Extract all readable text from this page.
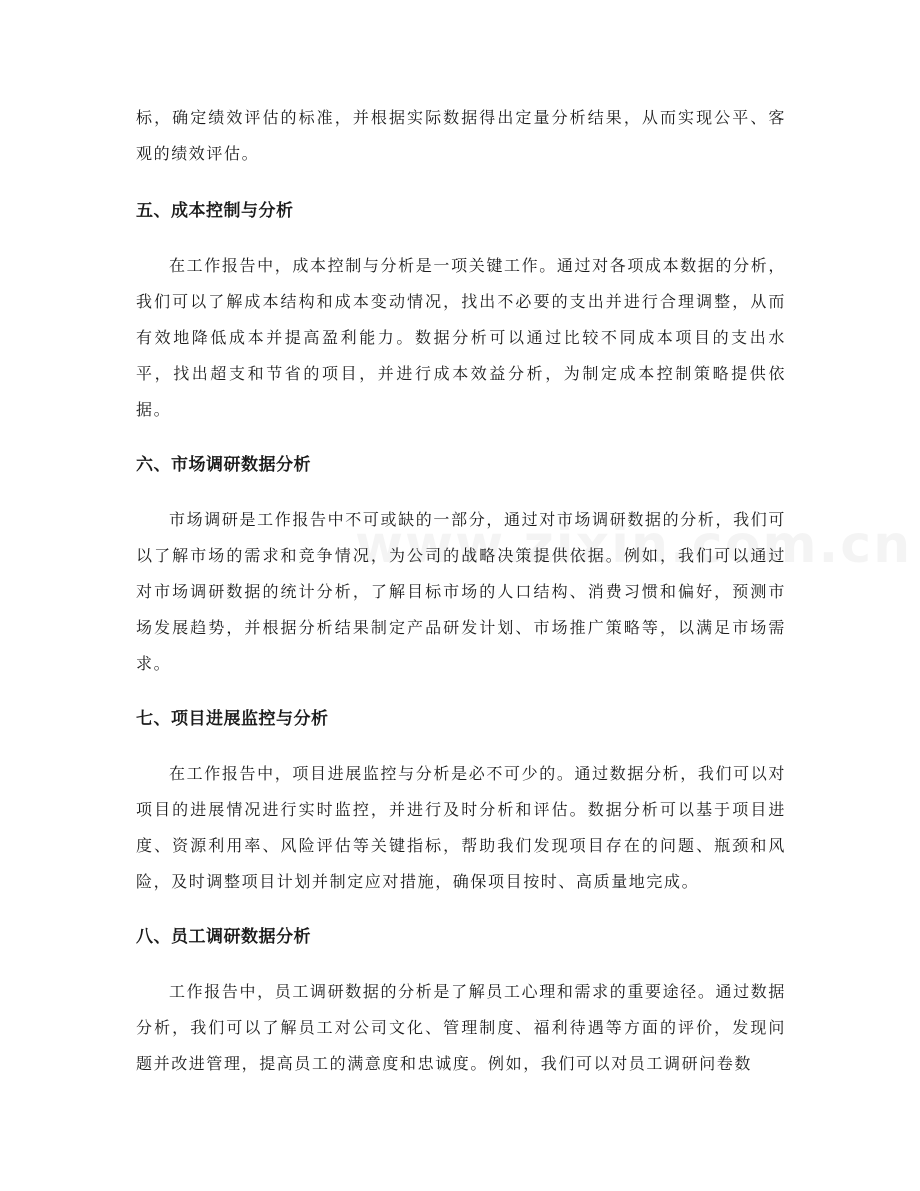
标，确定绩效评估的标准，并根据实际数据得出定量分析结果，从而实现公平、客观的绩效评估。

五、成本控制与分析

在工作报告中，成本控制与分析是一项关键工作。通过对各项成本数据的分析，我们可以了解成本结构和成本变动情况，找出不必要的支出并进行合理调整，从而有效地降低成本并提高盈利能力。数据分析可以通过比较不同成本项目的支出水平，找出超支和节省的项目，并进行成本效益分析，为制定成本控制策略提供依据。

六、市场调研数据分析

市场调研是工作报告中不可或缺的一部分，通过对市场调研数据的分析，我们可以了解市场的需求和竞争情况，为公司的战略决策提供依据。例如，我们可以通过对市场调研数据的统计分析，了解目标市场的人口结构、消费习惯和偏好，预测市场发展趋势，并根据分析结果制定产品研发计划、市场推广策略等，以满足市场需求。

七、项目进展监控与分析

在工作报告中，项目进展监控与分析是必不可少的。通过数据分析，我们可以对项目的进展情况进行实时监控，并进行及时分析和评估。数据分析可以基于项目进度、资源利用率、风险评估等关键指标，帮助我们发现项目存在的问题、瓶颈和风险，及时调整项目计划并制定应对措施，确保项目按时、高质量地完成。

八、员工调研数据分析

工作报告中，员工调研数据的分析是了解员工心理和需求的重要途径。通过数据分析，我们可以了解员工对公司文化、管理制度、福利待遇等方面的评价，发现问题并改进管理，提高员工的满意度和忠诚度。例如，我们可以对员工调研问卷数
